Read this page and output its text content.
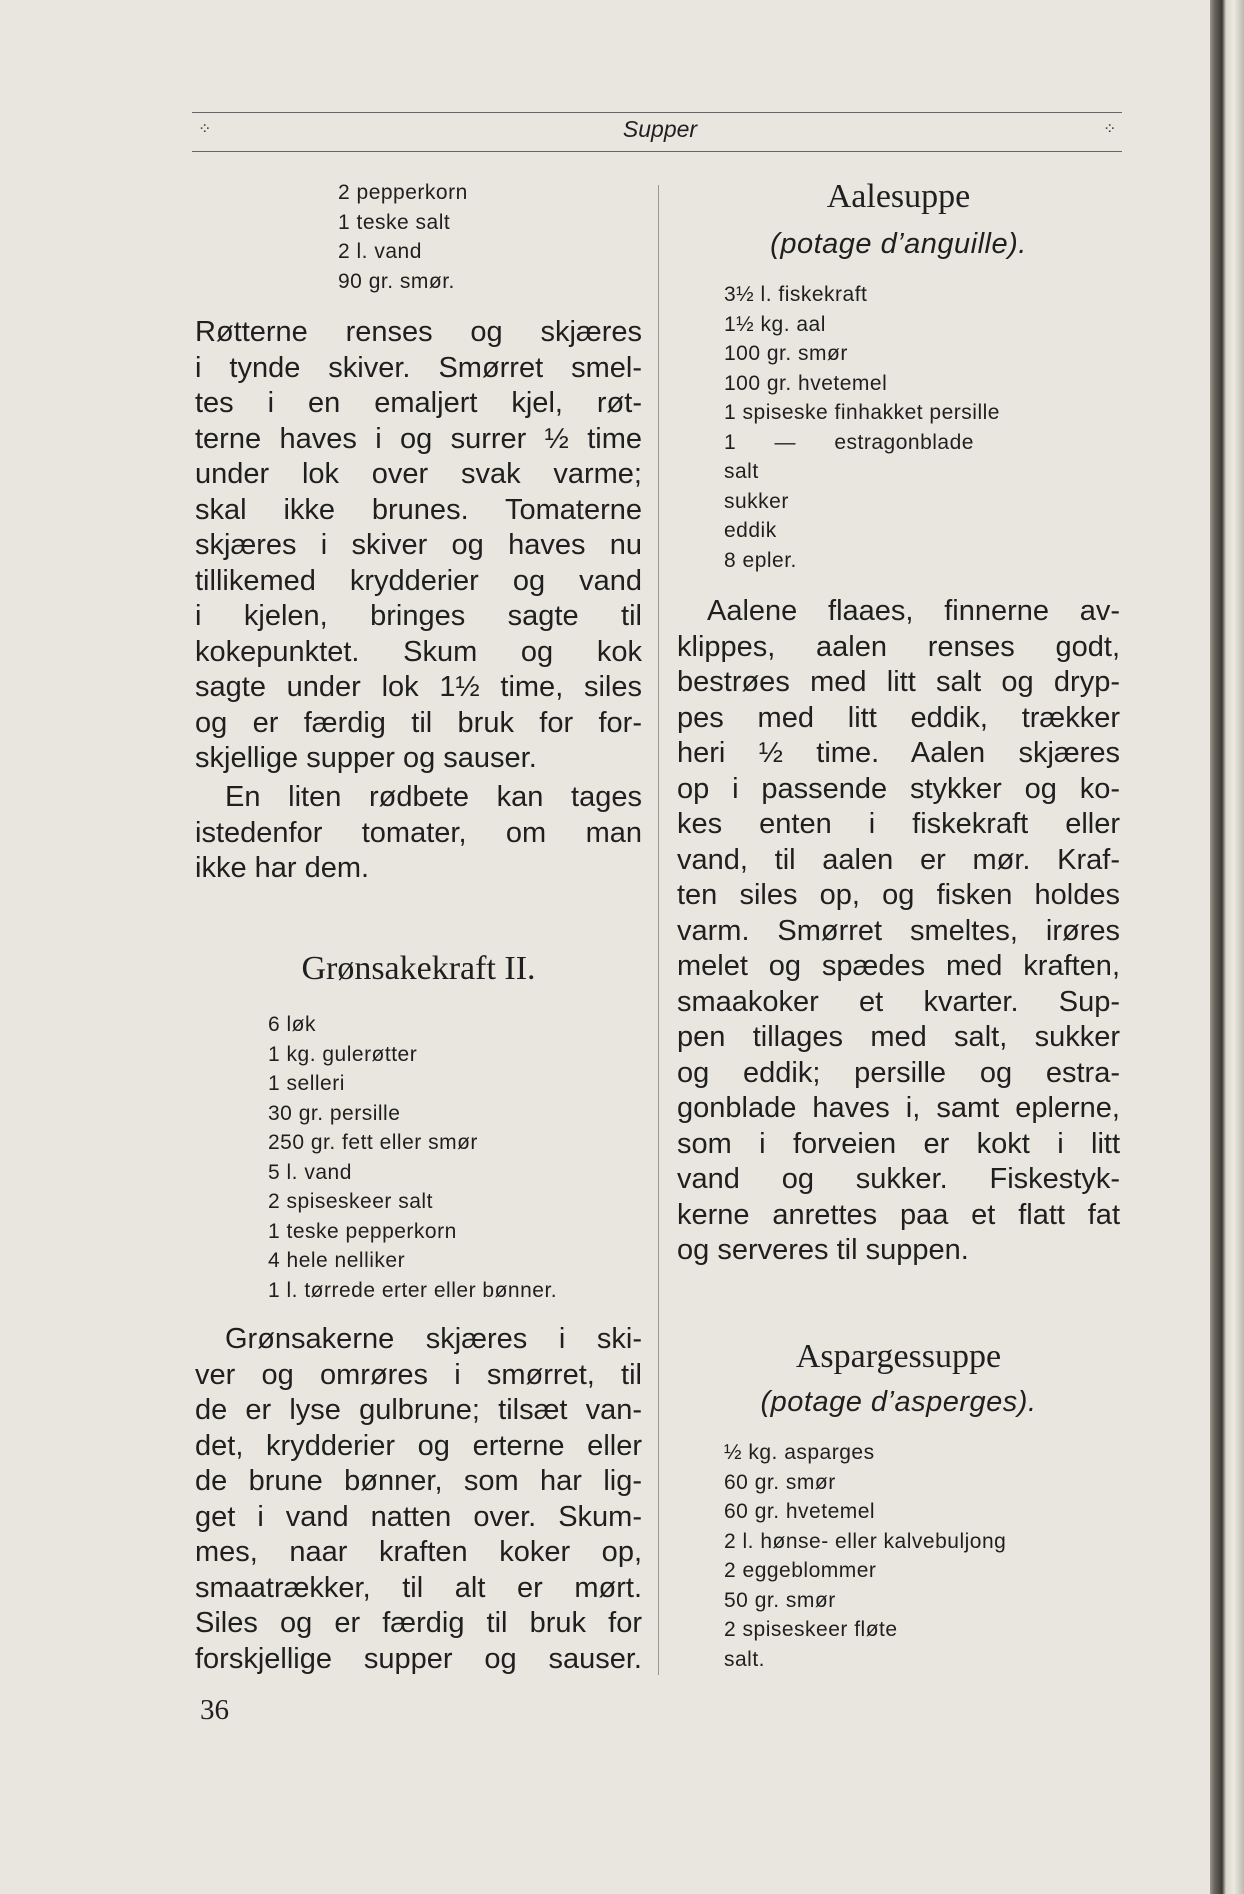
⁘	⁘
Supper
2 pepperkorn
1 teske salt
2 l. vand
90 gr. smør.
Røtterne renses og skjæres
i tynde skiver. Smørret smel-
tes i en emaljert kjel, røt-
terne haves i og surrer ½ time
under lok over svak varme;
skal ikke brunes. Tomaterne
skjæres i skiver og haves nu
tillikemed krydderier og vand
i kjelen, bringes sagte til
kokepunktet. Skum og kok
sagte under lok 1½ time, siles
og er færdig til bruk for for-
skjellige supper og sauser.
En liten rødbete kan tages
istedenfor tomater, om man
ikke har dem.
Grønsakekraft II.
6 løk
1 kg. gulerøtter
1 selleri
30 gr. persille
250 gr. fett eller smør
5 l. vand
2 spiseskeer salt
1 teske pepperkorn
4 hele nelliker
1 l. tørrede erter eller bønner.
Grønsakerne skjæres i ski-
ver og omrøres i smørret, til
de er lyse gulbrune; tilsæt van-
det, krydderier og erterne eller
de brune bønner, som har lig-
get i vand natten over. Skum-
mes, naar kraften koker op,
smaatrækker, til alt er mørt.
Siles og er færdig til bruk for
forskjellige supper og sauser.
36
Aalesuppe
(potage d’anguille).
3½ l. fiskekraft
1½ kg. aal
100 gr. smør
100 gr. hvetemel
1 spiseske finhakket persille
1 — estragonblade
salt
sukker
eddik
8 epler.
Aalene flaaes, finnerne av-
klippes, aalen renses godt,
bestrøes med litt salt og dryp-
pes med litt eddik, trækker
heri ½ time. Aalen skjæres
op i passende stykker og ko-
kes enten i fiskekraft eller
vand, til aalen er mør. Kraf-
ten siles op, og fisken holdes
varm. Smørret smeltes, irøres
melet og spædes med kraften,
smaakoker et kvarter. Sup-
pen tillages med salt, sukker
og eddik; persille og estra-
gonblade haves i, samt eplerne,
som i forveien er kokt i litt
vand og sukker. Fiskestyk-
kerne anrettes paa et flatt fat
og serveres til suppen.
Aspargessuppe
(potage d’asperges).
½ kg. asparges
60 gr. smør
60 gr. hvetemel
2 l. hønse- eller kalvebuljong
2 eggeblommer
50 gr. smør
2 spiseskeer fløte
salt.
